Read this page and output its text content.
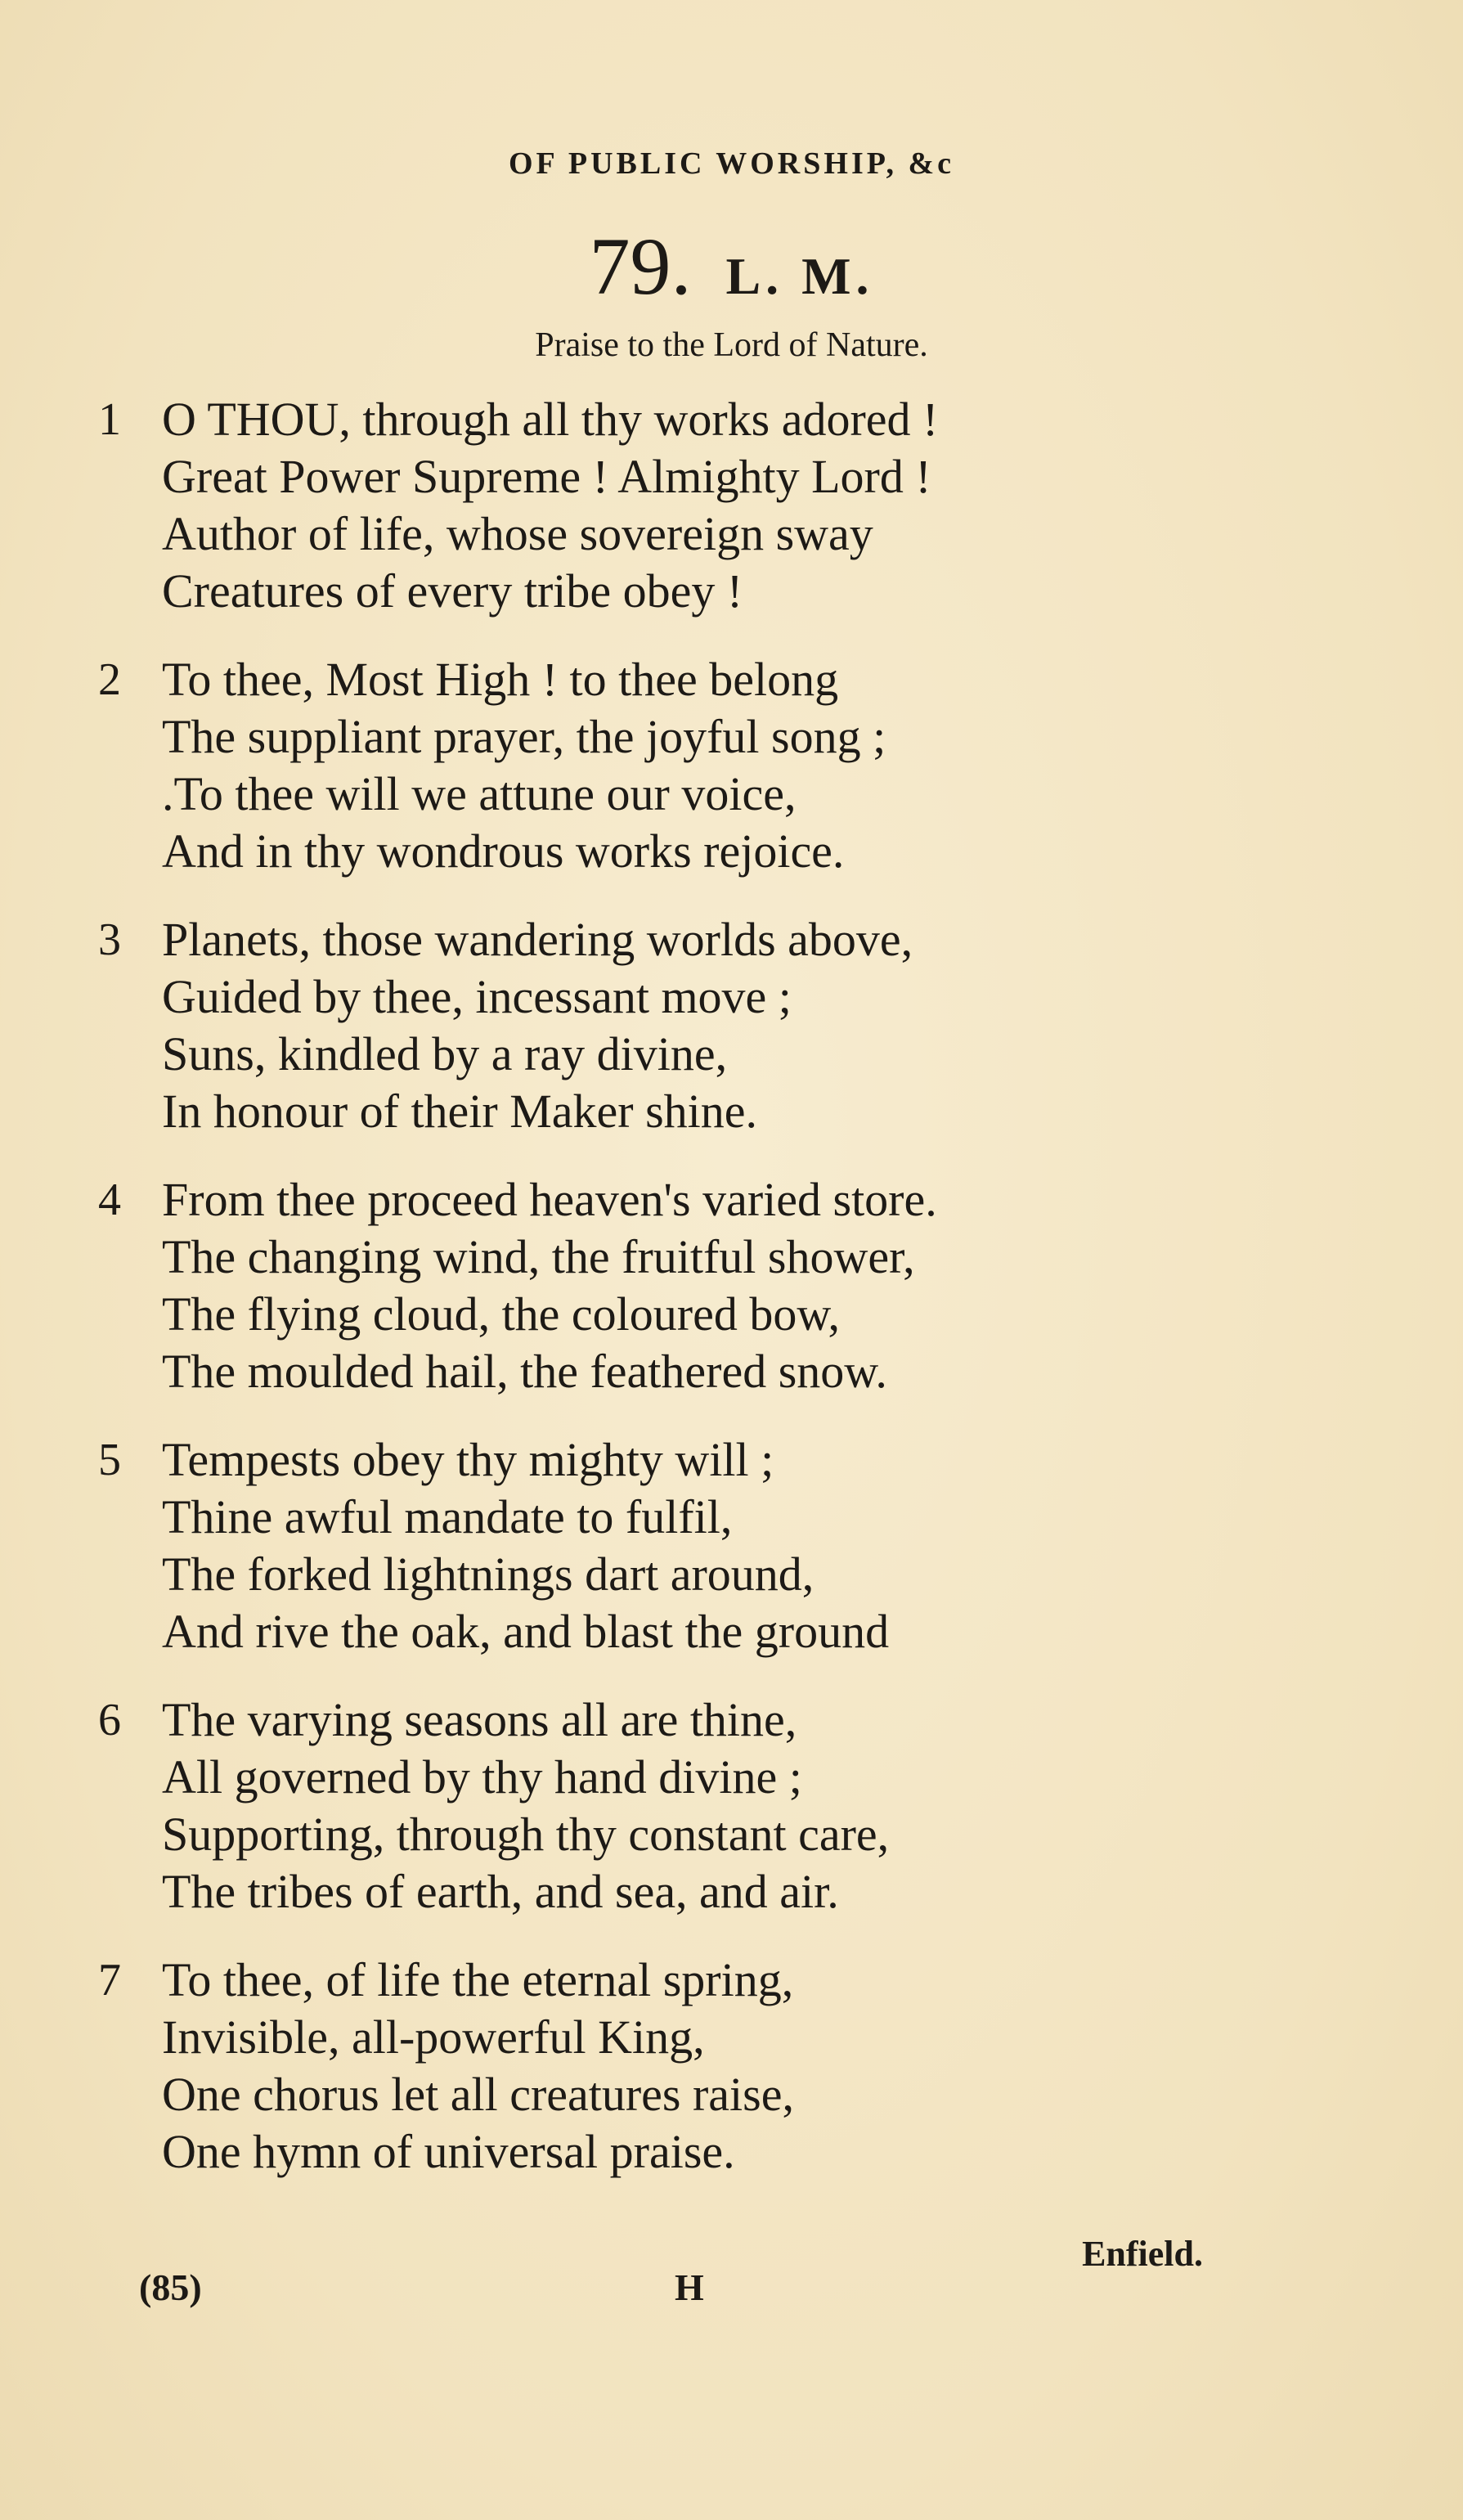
OF PUBLIC WORSHIP, &c
79. L. M.
Praise to the Lord of Nature.
1 O THOU, through all thy works adored !
Great Power Supreme ! Almighty Lord !
Author of life, whose sovereign sway
Creatures of every tribe obey !
2 To thee, Most High ! to thee belong
The suppliant prayer, the joyful song ;
.To thee will we attune our voice,
And in thy wondrous works rejoice.
3 Planets, those wandering worlds above,
Guided by thee, incessant move ;
Suns, kindled by a ray divine,
In honour of their Maker shine.
4 From thee proceed heaven's varied store.
The changing wind, the fruitful shower,
The flying cloud, the coloured bow,
The moulded hail, the feathered snow.
5 Tempests obey thy mighty will ;
Thine awful mandate to fulfil,
The forked lightnings dart around,
And rive the oak, and blast the ground
6 The varying seasons all are thine,
All governed by thy hand divine ;
Supporting, through thy constant care,
The tribes of earth, and sea, and air.
7 To thee, of life the eternal spring,
Invisible, all-powerful King,
One chorus let all creatures raise,
One hymn of universal praise.
Enfield.
(85)	H
